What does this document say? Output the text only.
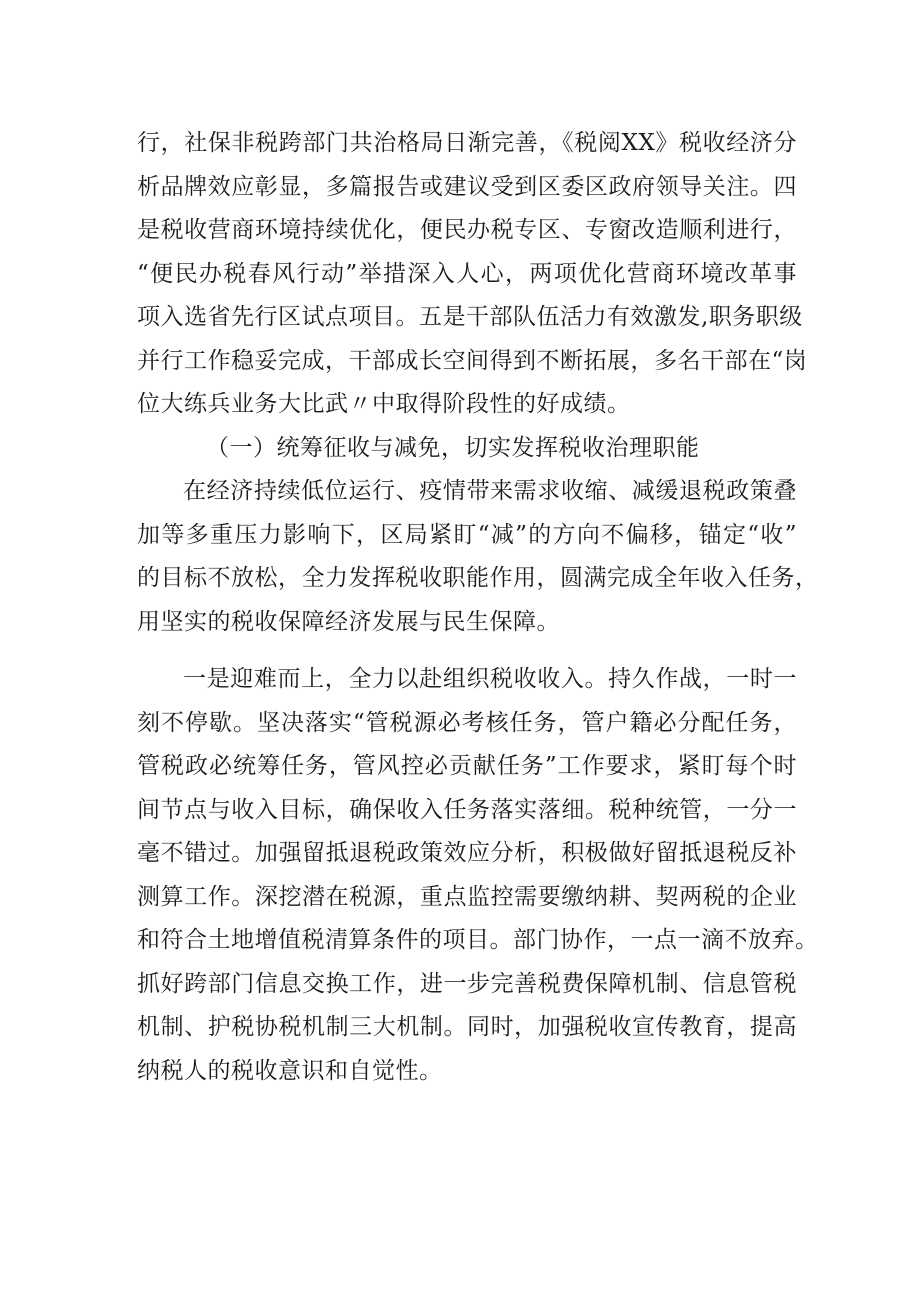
行，社保非税跨部门共治格局日渐完善，《税阅XX》税收经济分
析品牌效应彰显，多篇报告或建议受到区委区政府领导关注。四
是税收营商环境持续优化，便民办税专区、专窗改造顺利进行，
“便民办税春风行动”举措深入人心，两项优化营商环境改革事
项入选省先行区试点项目。五是干部队伍活力有效激发,职务职级
并行工作稳妥完成，干部成长空间得到不断拓展，多名干部在“岗
位大练兵业务大比武〃中取得阶段性的好成绩。
（一）统筹征收与减免，切实发挥税收治理职能
在经济持续低位运行、疫情带来需求收缩、减缓退税政策叠
加等多重压力影响下，区局紧盯“减”的方向不偏移，锚定“收”
的目标不放松，全力发挥税收职能作用，圆满完成全年收入任务，
用坚实的税收保障经济发展与民生保障。
一是迎难而上，全力以赴组织税收收入。持久作战，一时一
刻不停歇。坚决落实“管税源必考核任务，管户籍必分配任务，
管税政必统筹任务，管风控必贡献任务”工作要求，紧盯每个时
间节点与收入目标，确保收入任务落实落细。税种统管，一分一
毫不错过。加强留抵退税政策效应分析，积极做好留抵退税反补
测算工作。深挖潜在税源，重点监控需要缴纳耕、契两税的企业
和符合土地增值税清算条件的项目。部门协作，一点一滴不放弃。
抓好跨部门信息交换工作，进一步完善税费保障机制、信息管税
机制、护税协税机制三大机制。同时，加强税收宣传教育，提高
纳税人的税收意识和自觉性。
